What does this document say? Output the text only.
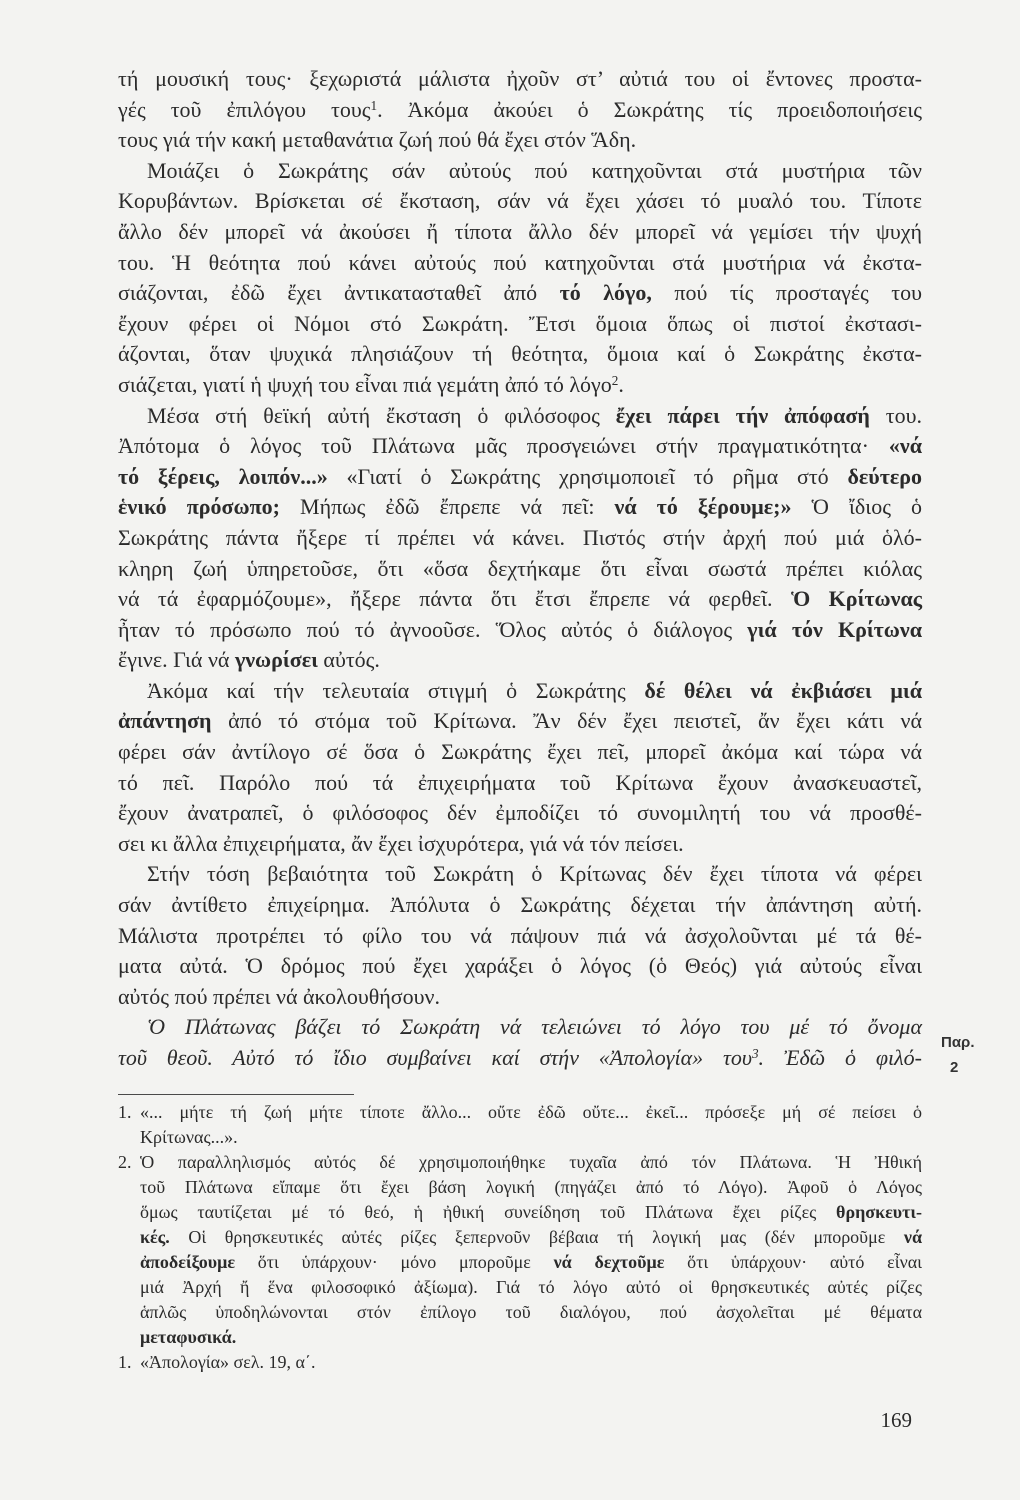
τή μουσική τους· ξεχωριστά μάλιστα ἠχοῦν στ’ αὐτιά του οἱ ἔντονες προστα-
γές τοῦ ἐπιλόγου τους$^1$. Ἀκόμα ἀκούει ὁ Σωκράτης τίς προειδοποιήσεις
τους γιά τήν κακή μεταθανάτια ζωή πού θά ἔχει στόν Ἅδη.
Μοιάζει ὁ Σωκράτης σάν αὐτούς πού κατηχοῦνται στά μυστήρια τῶν
Κορυβάντων. Βρίσκεται σέ ἔκσταση, σάν νά ἔχει χάσει τό μυαλό του. Τίποτε
ἄλλο δέν μπορεῖ νά ἀκούσει ἤ τίποτα ἄλλο δέν μπορεῖ νά γεμίσει τήν ψυχή
του. Ἡ θεότητα πού κάνει αὐτούς πού κατηχοῦνται στά μυστήρια νά ἐκστα-
σιάζονται, ἐδῶ ἔχει ἀντικατασταθεῖ ἀπό τό λόγο, πού τίς προσταγές του
ἔχουν φέρει οἱ Νόμοι στό Σωκράτη. Ἔτσι ὅμοια ὅπως οἱ πιστοί ἐκστασι-
άζονται, ὅταν ψυχικά πλησιάζουν τή θεότητα, ὅμοια καί ὁ Σωκράτης ἐκστα-
σιάζεται, γιατί ἡ ψυχή του εἶναι πιά γεμάτη ἀπό τό λόγο$^2$.
Μέσα στή θεϊκή αὐτή ἔκσταση ὁ φιλόσοφος ἔχει πάρει τήν ἀπόφασή του.
Ἀπότομα ὁ λόγος τοῦ Πλάτωνα μᾶς προσγειώνει στήν πραγματικότητα· «νά
τό ξέρεις, λοιπόν...» «Γιατί ὁ Σωκράτης χρησιμοποιεῖ τό ρῆμα στό δεύτερο
ἑνικό πρόσωπο; Μήπως ἐδῶ ἔπρεπε νά πεῖ: νά τό ξέρουμε;» Ὁ ἴδιος ὁ
Σωκράτης πάντα ἤξερε τί πρέπει νά κάνει. Πιστός στήν ἀρχή πού μιά ὁλό-
κληρη ζωή ὑπηρετοῦσε, ὅτι «ὅσα δεχτήκαμε ὅτι εἶναι σωστά πρέπει κιόλας
νά τά ἐφαρμόζουμε», ἤξερε πάντα ὅτι ἔτσι ἔπρεπε νά φερθεῖ. Ὁ Κρίτωνας
ἦταν τό πρόσωπο πού τό ἀγνοοῦσε. Ὅλος αὐτός ὁ διάλογος γιά τόν Κρίτωνα
ἔγινε. Γιά νά γνωρίσει αὐτός.
Ἀκόμα καί τήν τελευταία στιγμή ὁ Σωκράτης δέ θέλει νά ἐκβιάσει μιά
ἀπάντηση ἀπό τό στόμα τοῦ Κρίτωνα. Ἄν δέν ἔχει πειστεῖ, ἄν ἔχει κάτι νά
φέρει σάν ἀντίλογο σέ ὅσα ὁ Σωκράτης ἔχει πεῖ, μπορεῖ ἀκόμα καί τώρα νά
τό πεῖ. Παρόλο πού τά ἐπιχειρήματα τοῦ Κρίτωνα ἔχουν ἀνασκευαστεῖ,
ἔχουν ἀνατραπεῖ, ὁ φιλόσοφος δέν ἐμποδίζει τό συνομιλητή του νά προσθέ-
σει κι ἄλλα ἐπιχειρήματα, ἄν ἔχει ἰσχυρότερα, γιά νά τόν πείσει.
Στήν τόση βεβαιότητα τοῦ Σωκράτη ὁ Κρίτωνας δέν ἔχει τίποτα νά φέρει
σάν ἀντίθετο ἐπιχείρημα. Ἀπόλυτα ὁ Σωκράτης δέχεται τήν ἀπάντηση αὐτή.
Μάλιστα προτρέπει τό φίλο του νά πάψουν πιά νά ἀσχολοῦνται μέ τά θέ-
ματα αὐτά. Ὁ δρόμος πού ἔχει χαράξει ὁ λόγος (ὁ Θεός) γιά αὐτούς εἶναι
αὐτός πού πρέπει νά ἀκολουθήσουν.
Ὁ Πλάτωνας βάζει τό Σωκράτη νά τελειώνει τό λόγο του μέ τό ὄνομα
τοῦ θεοῦ. Αὐτό τό ἴδιο συμβαίνει καί στήν «Ἀπολογία» του$^3$. Ἐδῶ ὁ φιλό-
Παρ.
2
1. «... μήτε τή ζωή μήτε τίποτε ἄλλο... οὔτε ἐδῶ οὔτε... ἐκεῖ... πρόσεξε μή σέ πείσει ὁ
Κρίτωνας...».
2. Ὁ παραλληλισμός αὐτός δέ χρησιμοποιήθηκε τυχαῖα ἀπό τόν Πλάτωνα. Ἡ Ἠθική
τοῦ Πλάτωνα εἴπαμε ὅτι ἔχει βάση λογική (πηγάζει ἀπό τό Λόγο). Ἀφοῦ ὁ Λόγος
ὅμως ταυτίζεται μέ τό θεό, ἡ ἠθική συνείδηση τοῦ Πλάτωνα ἔχει ρίζες θρησκευτι-
κές. Οἱ θρησκευτικές αὐτές ρίζες ξεπερνοῦν βέβαια τή λογική μας (δέν μποροῦμε νά
ἀποδείξουμε ὅτι ὑπάρχουν· μόνο μποροῦμε νά δεχτοῦμε ὅτι ὑπάρχουν· αὐτό εἶναι
μιά Ἀρχή ἤ ἕνα φιλοσοφικό ἀξίωμα). Γιά τό λόγο αὐτό οἱ θρησκευτικές αὐτές ρίζες
ἁπλῶς ὑποδηλώνονται στόν ἐπίλογο τοῦ διαλόγου, πού ἀσχολεῖται μέ θέματα
μεταφυσικά.
1. «Ἀπολογία» σελ. 19, α΄.
169
